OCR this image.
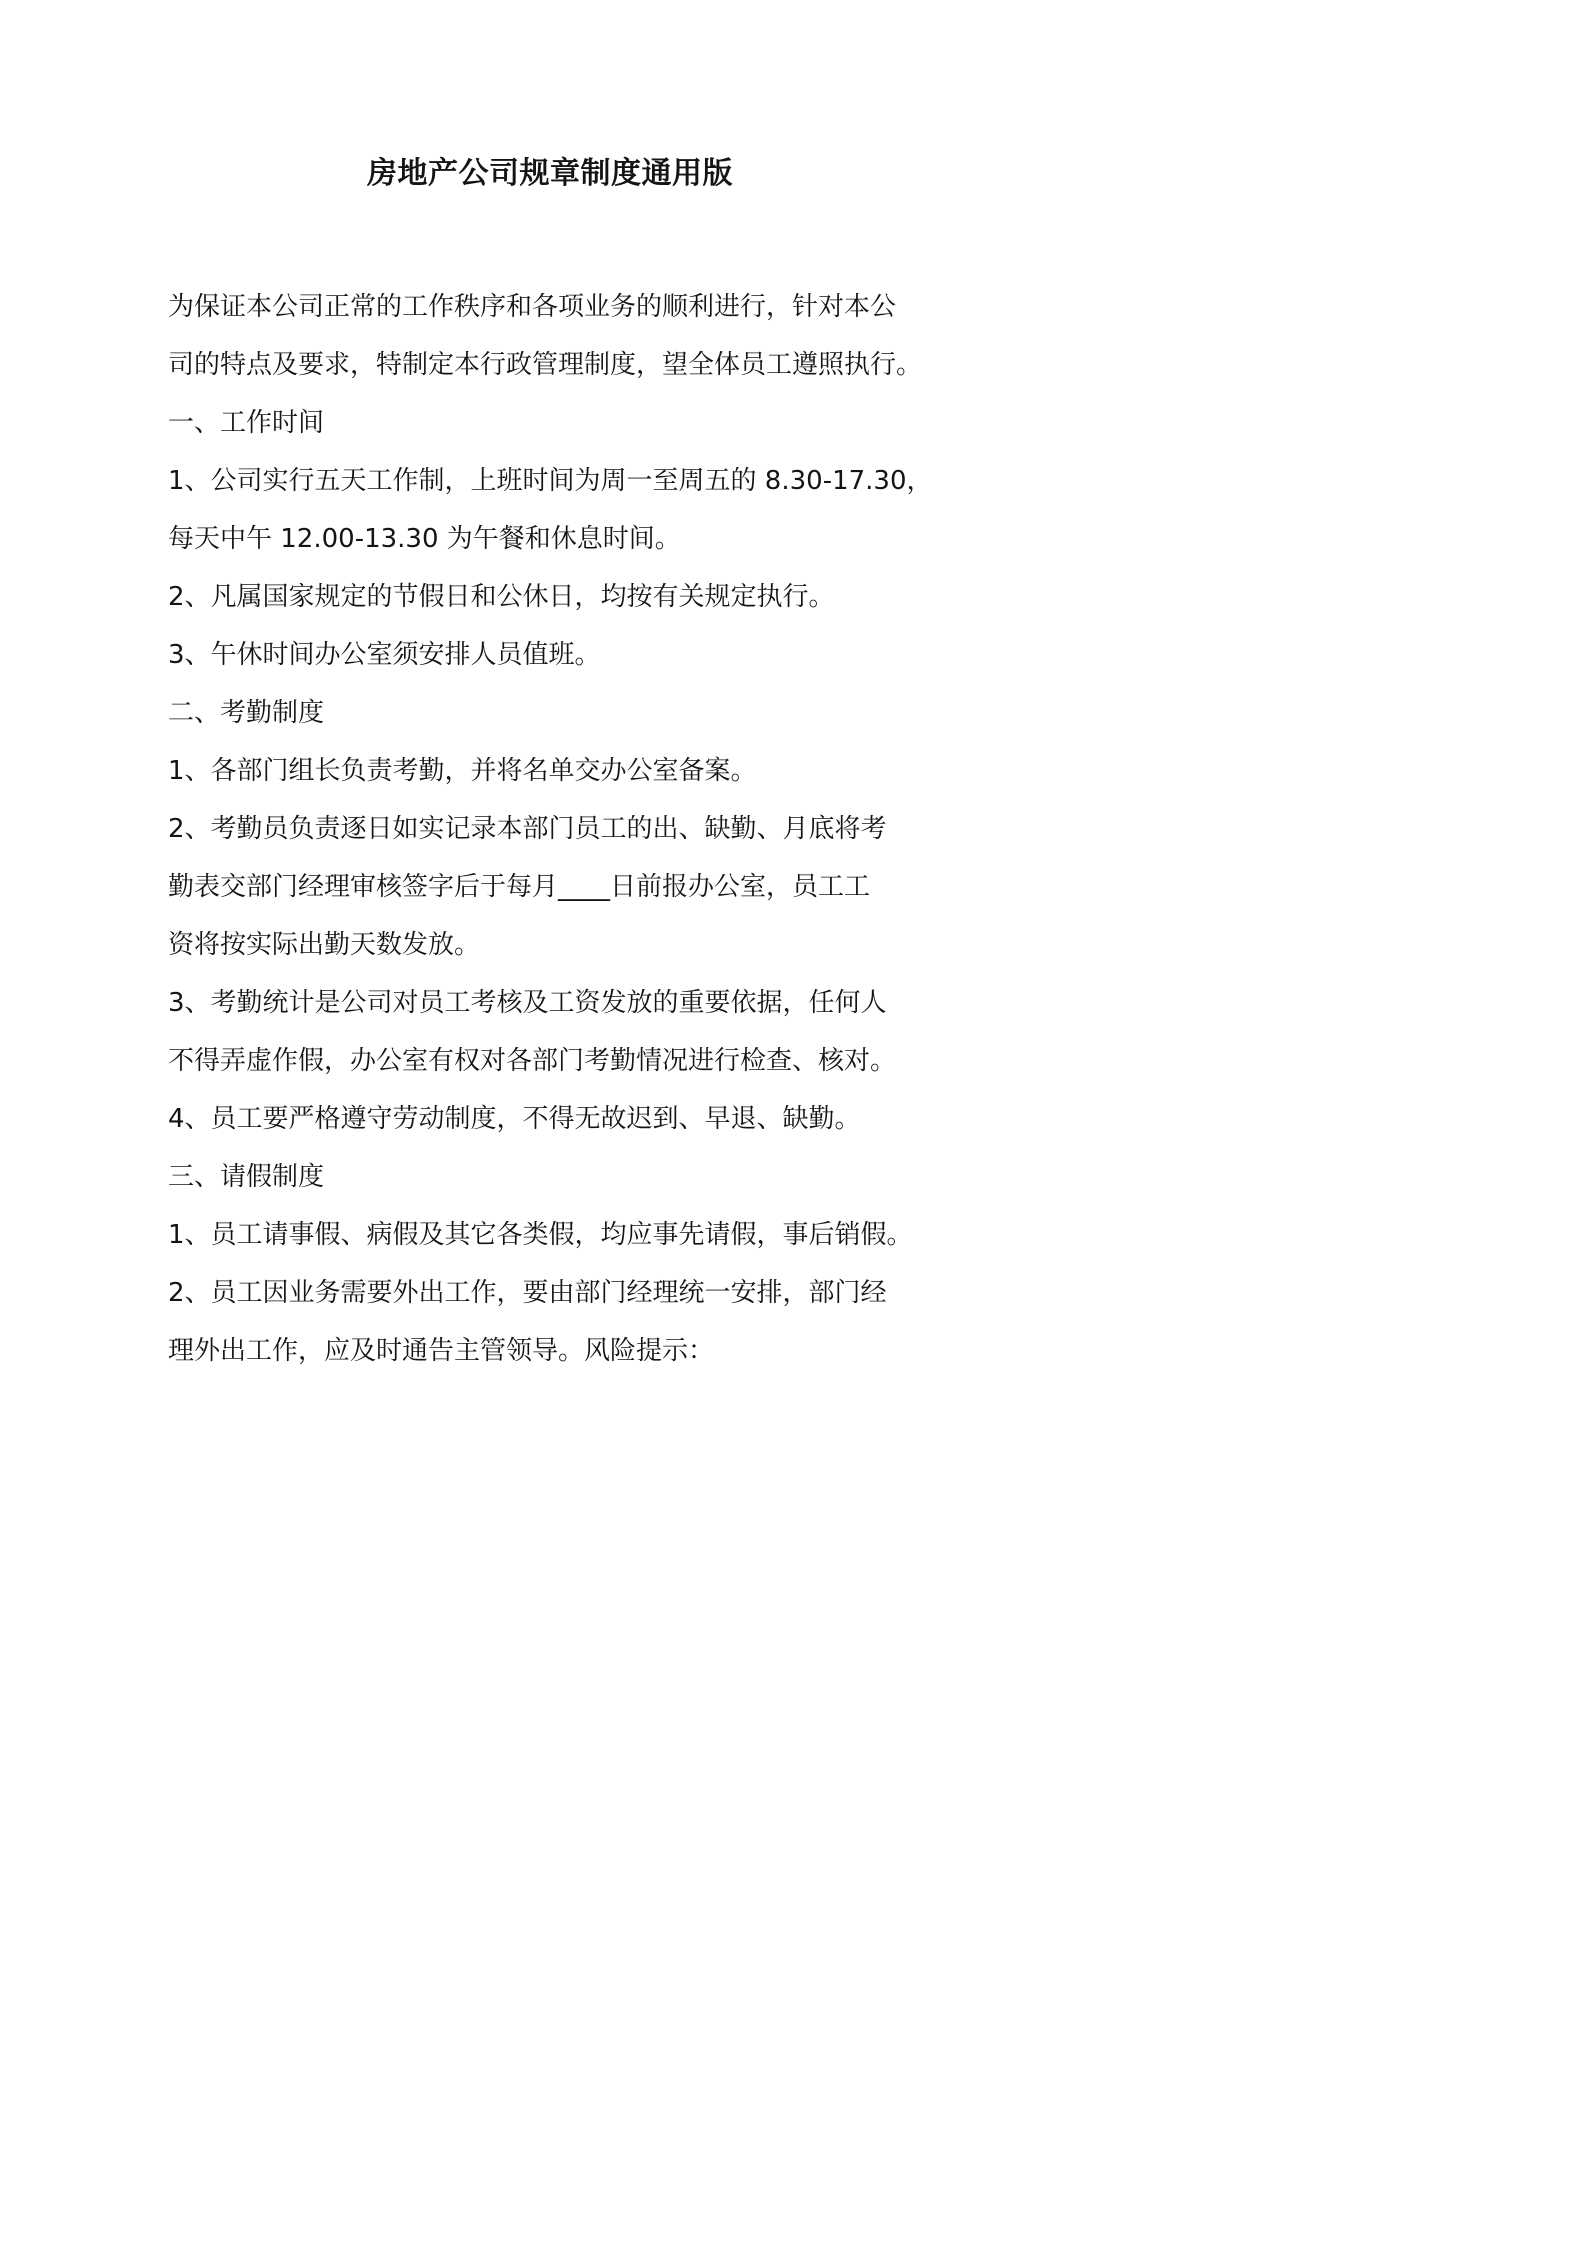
房地产公司规章制度通用版

为保证本公司正常的工作秩序和各项业务的顺利进行，针对本公
司的特点及要求，特制定本行政管理制度，望全体员工遵照执行。

一、工作时间

1、公司实行五天工作制，上班时间为周一至周五的 8.30-17.30，
每天中午 12.00-13.30 为午餐和休息时间。

2、凡属国家规定的节假日和公休日，均按有关规定执行。

3、午休时间办公室须安排人员值班。

二、考勤制度

1、各部门组长负责考勤，并将名单交办公室备案。

2、考勤员负责逐日如实记录本部门员工的出、缺勤、月底将考
勤表交部门经理审核签字后于每月____日前报办公室，员工工
资将按实际出勤天数发放。

3、考勤统计是公司对员工考核及工资发放的重要依据，任何人
不得弄虚作假，办公室有权对各部门考勤情况进行检查、核对。

4、员工要严格遵守劳动制度，不得无故迟到、早退、缺勤。

三、请假制度

1、员工请事假、病假及其它各类假，均应事先请假，事后销假。

2、员工因业务需要外出工作，要由部门经理统一安排，部门经
理外出工作，应及时通告主管领导。风险提示：
